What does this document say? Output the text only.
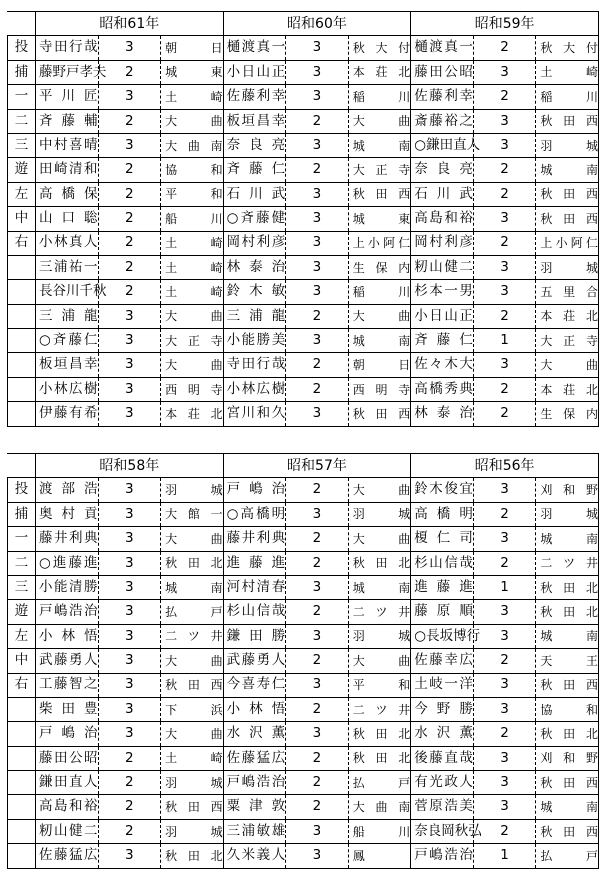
	昭和61年			昭和60年			昭和59年		
投	寺 田 行 哉	3	朝 日	樋 渡 真 一	3	秋 大 付	樋 渡 真 一	2	秋 大 付

捕	藤 野 戸 孝 夫	2	城 東	小 日 山 正	3	本 荘 北	藤 田 公 昭	3	土 崎

一	平 川 匠	3	土 崎	佐 藤 利 幸	3	稲 川	佐 藤 利 幸	2	稲 川

二	斉 藤 輔	2	大 曲	板 垣 昌 幸	2	大 曲	斎 藤 裕 之	3	秋 田 西

三	中 村 喜 晴	3	大 曲 南	奈 良 亮	3	城 南	○ 鎌 田 直 人	3	羽 城

遊	田 崎 清 和	2	協 和	斉 藤 仁	2	大 正 寺	奈 良 亮	2	城 南

左	高 橋 保	2	平 和	石 川 武	3	秋 田 西	石 川 武	2	秋 田 西

中	山 口 聡	2	船 川	○ 斉 藤 健	3	城 東	高 島 和 裕	3	秋 田 西

右	小 林 真 人	2	土 崎	岡 村 利 彦	3	上 小 阿 仁	岡 村 利 彦	2	上 小 阿 仁

	三 浦 祐 一	2	土 崎	林 泰 治	3	生 保 内	籾 山 健 二	3	羽 城

	長 谷 川 千 秋	2	土 崎	鈴 木 敏	3	稲 川	杉 本 一 男	3	五 里 合

	三 浦 龍	3	大 曲	三 浦 龍	2	大 曲	小 日 山 正	2	本 荘 北

	○ 斉 藤 仁	3	大 正 寺	小 能 勝 美	3	城 南	斉 藤 仁	1	大 正 寺

	板 垣 昌 幸	3	大 曲	寺 田 行 哉	2	朝 日	佐 々 木 大	3	大 曲

	小 林 広 樹	3	西 明 寺	小 林 広 樹	2	西 明 寺	高 橋 秀 典	2	本 荘 北

	伊 藤 有 希	3	本 荘 北	宮 川 和 久	3	秋 田 西	林 泰 治	2	生 保 内
	昭和58年			昭和57年			昭和56年		
投	渡 部 浩	3	羽 城	戸 嶋 治	2	大 曲	鈴 木 俊 宜	3	刈 和 野

捕	奥 村 貢	3	大 館 一	○ 高 橋 明	3	羽 城	高 橋 明	2	羽 城

一	藤 井 利 典	3	大 曲	藤 井 利 典	2	大 曲	榎 仁 司	3	城 南

二	○ 進 藤 進	3	秋 田 北	進 藤 進	2	秋 田 北	杉 山 信 哉	2	二 ツ 井

三	小 能 清 勝	3	城 南	河 村 清 春	3	城 南	進 藤 進	1	秋 田 北

遊	戸 嶋 浩 治	3	払 戸	杉 山 信 哉	2	二 ツ 井	藤 原 順	3	秋 田 北

左	小 林 悟	3	二 ツ 井	鎌 田 勝	3	羽 城	○ 長 坂 博 行	3	城 南

中	武 藤 勇 人	3	大 曲	武 藤 勇 人	2	大 曲	佐 藤 幸 広	2	天 王

右	工 藤 智 之	3	秋 田 西	今 喜 寿 仁	3	平 和	土 岐 一 洋	3	秋 田 西

	柴 田 豊	3	下 浜	小 林 悟	2	二 ツ 井	今 野 勝	3	協 和

	戸 嶋 治	3	大 曲	水 沢 薫	3	秋 田 北	水 沢 薫	2	秋 田 北

	藤 田 公 昭	2	土 崎	佐 藤 猛 広	2	秋 田 北	後 藤 直 哉	3	刈 和 野

	鎌 田 直 人	2	羽 城	戸 嶋 浩 治	2	払 戸	有 光 政 人	3	秋 田 西

	高 島 和 裕	2	秋 田 西	粟 津 敦	2	大 曲 南	菅 原 浩 美	3	城 南

	籾 山 健 二	2	羽 城	三 浦 敏 雄	3	船 川	奈 良 岡 秋 弘	2	秋 田 西

	佐 藤 猛 広	3	秋 田 北	久 米 義 人	3	鳳	戸 嶋 浩 治	1	払 戸
